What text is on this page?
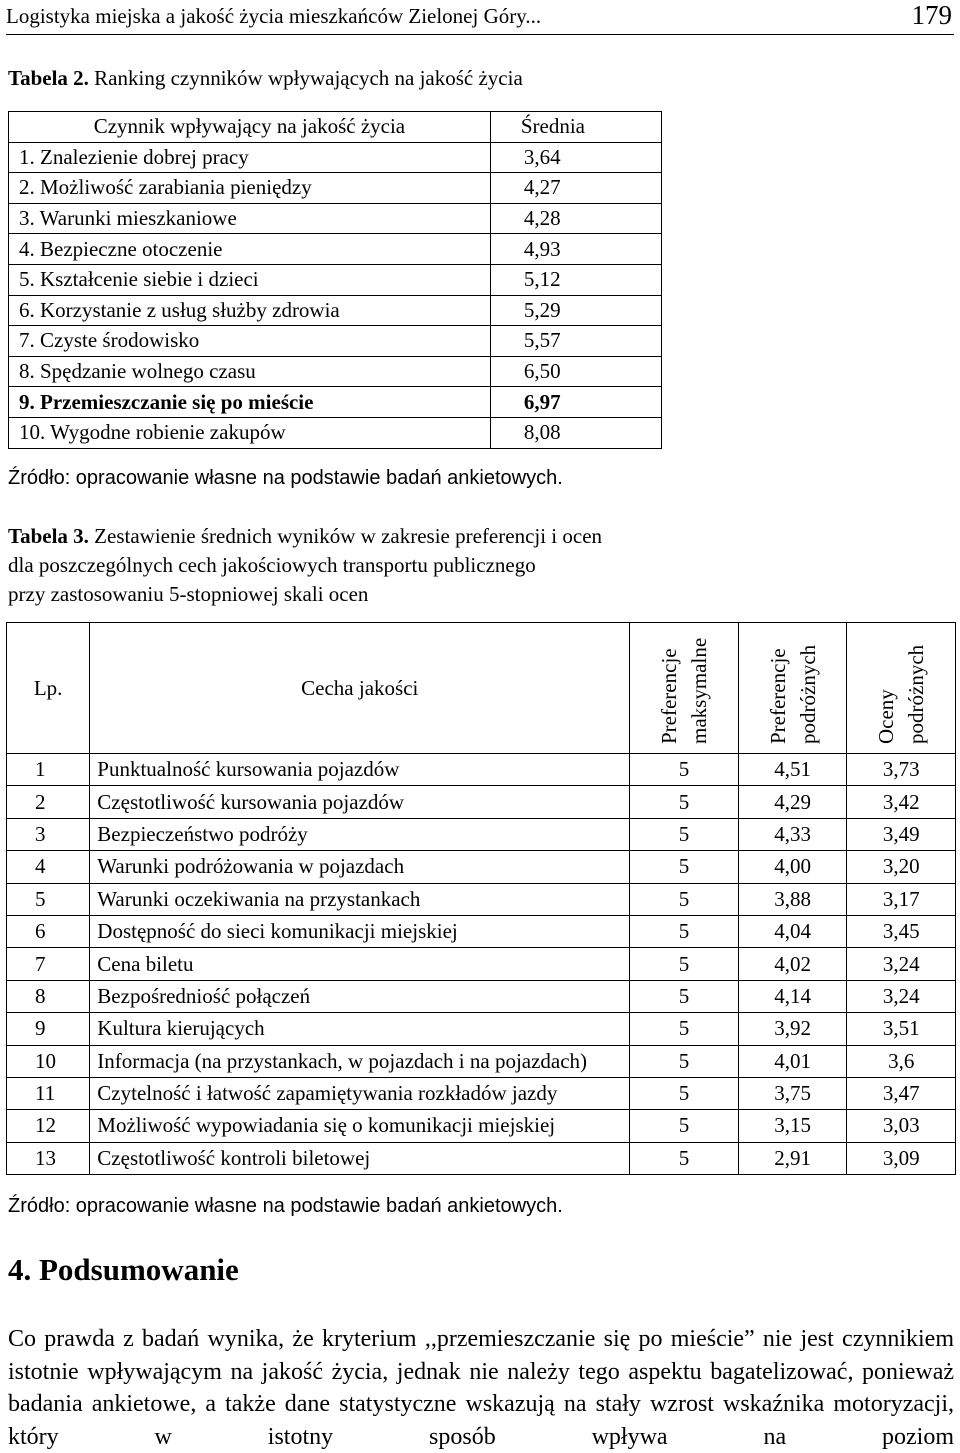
Logistyka miejska a jakość życia mieszkańców Zielonej Góry...	179

Tabela 2. Ranking czynników wpływających na jakość życia

Czynnik wpływający na jakość życia	Średnia
1. Znalezienie dobrej pracy	3,64
2. Możliwość zarabiania pieniędzy	4,27
3. Warunki mieszkaniowe	4,28
4. Bezpieczne otoczenie	4,93
5. Kształcenie siebie i dzieci	5,12
6. Korzystanie z usług służby zdrowia	5,29
7. Czyste środowisko	5,57
8. Spędzanie wolnego czasu	6,50
9. Przemieszczanie się po mieście	6,97
10. Wygodne robienie zakupów	8,08
Źródło: opracowanie własne na podstawie badań ankietowych.

Tabela 3. Zestawienie średnich wyników w zakresie preferencji i ocen
dla poszczególnych cech jakościowych transportu publicznego
przy zastosowaniu 5-stopniowej skali ocen

Lp.	Cecha jakości	Preferencje maksymalne	Preferencje podróżnych	Oceny podróżnych
1	Punktualność kursowania pojazdów	5	4,51	3,73
2	Częstotliwość kursowania pojazdów	5	4,29	3,42
3	Bezpieczeństwo podróży	5	4,33	3,49
4	Warunki podróżowania w pojazdach	5	4,00	3,20
5	Warunki oczekiwania na przystankach	5	3,88	3,17
6	Dostępność do sieci komunikacji miejskiej	5	4,04	3,45
7	Cena biletu	5	4,02	3,24
8	Bezpośredniość połączeń	5	4,14	3,24
9	Kultura kierujących	5	3,92	3,51
10	Informacja (na przystankach, w pojazdach i na pojazdach)	5	4,01	3,6
11	Czytelność i łatwość zapamiętywania rozkładów jazdy	5	3,75	3,47
12	Możliwość wypowiadania się o komunikacji miejskiej	5	3,15	3,03
13	Częstotliwość kontroli biletowej	5	2,91	3,09
Źródło: opracowanie własne na podstawie badań ankietowych.
4. Podsumowanie

Co prawda z badań wynika, że kryterium ,,przemieszczanie się po mieście” nie jest czynnikiem istotnie wpływającym na jakość życia, jednak nie należy tego aspektu bagatelizować, ponieważ badania ankietowe, a także dane statystyczne wskazują na stały wzrost wskaźnika motoryzacji, który w istotny sposób wpływa na poziom
